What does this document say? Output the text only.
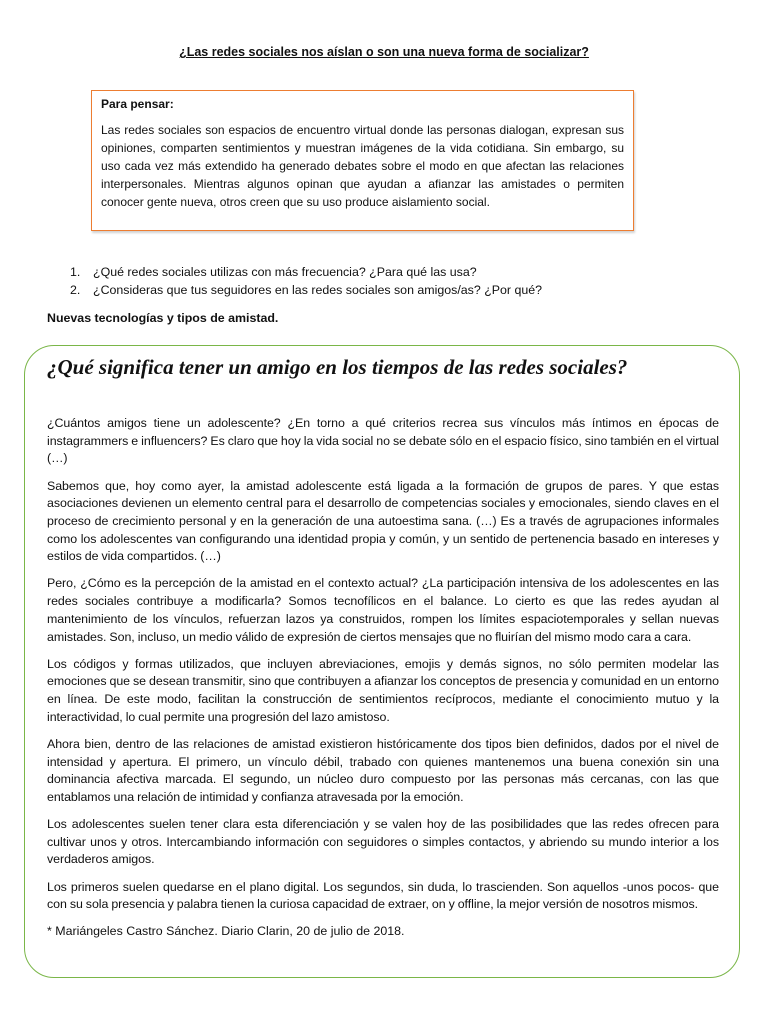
¿Las redes sociales nos aíslan o son una nueva forma de socializar?

Para pensar:

Las redes sociales son espacios de encuentro virtual donde las personas dialogan, expresan sus opiniones, comparten sentimientos y muestran imágenes de la vida cotidiana. Sin embargo, su uso cada vez más extendido ha generado debates sobre el modo en que afectan las relaciones interpersonales. Mientras algunos opinan que ayudan a afianzar las amistades o permiten conocer gente nueva, otros creen que su uso produce aislamiento social.

1.	¿Qué redes sociales utilizas con más frecuencia? ¿Para qué las usa?
2.	¿Consideras que tus seguidores en las redes sociales son amigos/as? ¿Por qué?
Nuevas tecnologías y tipos de amistad.
¿Qué significa tener un amigo en los tiempos de las redes sociales?

¿Cuántos amigos tiene un adolescente? ¿En torno a qué criterios recrea sus vínculos más íntimos en épocas de instagrammers e influencers? Es claro que hoy la vida social no se debate sólo en el espacio físico, sino también en el virtual (…)

Sabemos que, hoy como ayer, la amistad adolescente está ligada a la formación de grupos de pares. Y que estas asociaciones devienen un elemento central para el desarrollo de competencias sociales y emocionales, siendo claves en el proceso de crecimiento personal y en la generación de una autoestima sana. (…) Es a través de agrupaciones informales como los adolescentes van configurando una identidad propia y común, y un sentido de pertenencia basado en intereses y estilos de vida compartidos. (…)

Pero, ¿Cómo es la percepción de la amistad en el contexto actual? ¿La participación intensiva de los adolescentes en las redes sociales contribuye a modificarla? Somos tecnofílicos en el balance. Lo cierto es que las redes ayudan al mantenimiento de los vínculos, refuerzan lazos ya construidos, rompen los límites espaciotemporales y sellan nuevas amistades. Son, incluso, un medio válido de expresión de ciertos mensajes que no fluirían del mismo modo cara a cara.

Los códigos y formas utilizados, que incluyen abreviaciones, emojis y demás signos, no sólo permiten modelar las emociones que se desean transmitir, sino que contribuyen a afianzar los conceptos de presencia y comunidad en un entorno en línea. De este modo, facilitan la construcción de sentimientos recíprocos, mediante el conocimiento mutuo y la interactividad, lo cual permite una progresión del lazo amistoso.

Ahora bien, dentro de las relaciones de amistad existieron históricamente dos tipos bien definidos, dados por el nivel de intensidad y apertura. El primero, un vínculo débil, trabado con quienes mantenemos una buena conexión sin una dominancia afectiva marcada. El segundo, un núcleo duro compuesto por las personas más cercanas, con las que entablamos una relación de intimidad y confianza atravesada por la emoción.

Los adolescentes suelen tener clara esta diferenciación y se valen hoy de las posibilidades que las redes ofrecen para cultivar unos y otros. Intercambiando información con seguidores o simples contactos, y abriendo su mundo interior a los verdaderos amigos.

Los primeros suelen quedarse en el plano digital. Los segundos, sin duda, lo trascienden. Son aquellos -unos pocos- que con su sola presencia y palabra tienen la curiosa capacidad de extraer, on y offline, la mejor versión de nosotros mismos.

* Mariángeles Castro Sánchez. Diario Clarin, 20 de julio de 2018.
